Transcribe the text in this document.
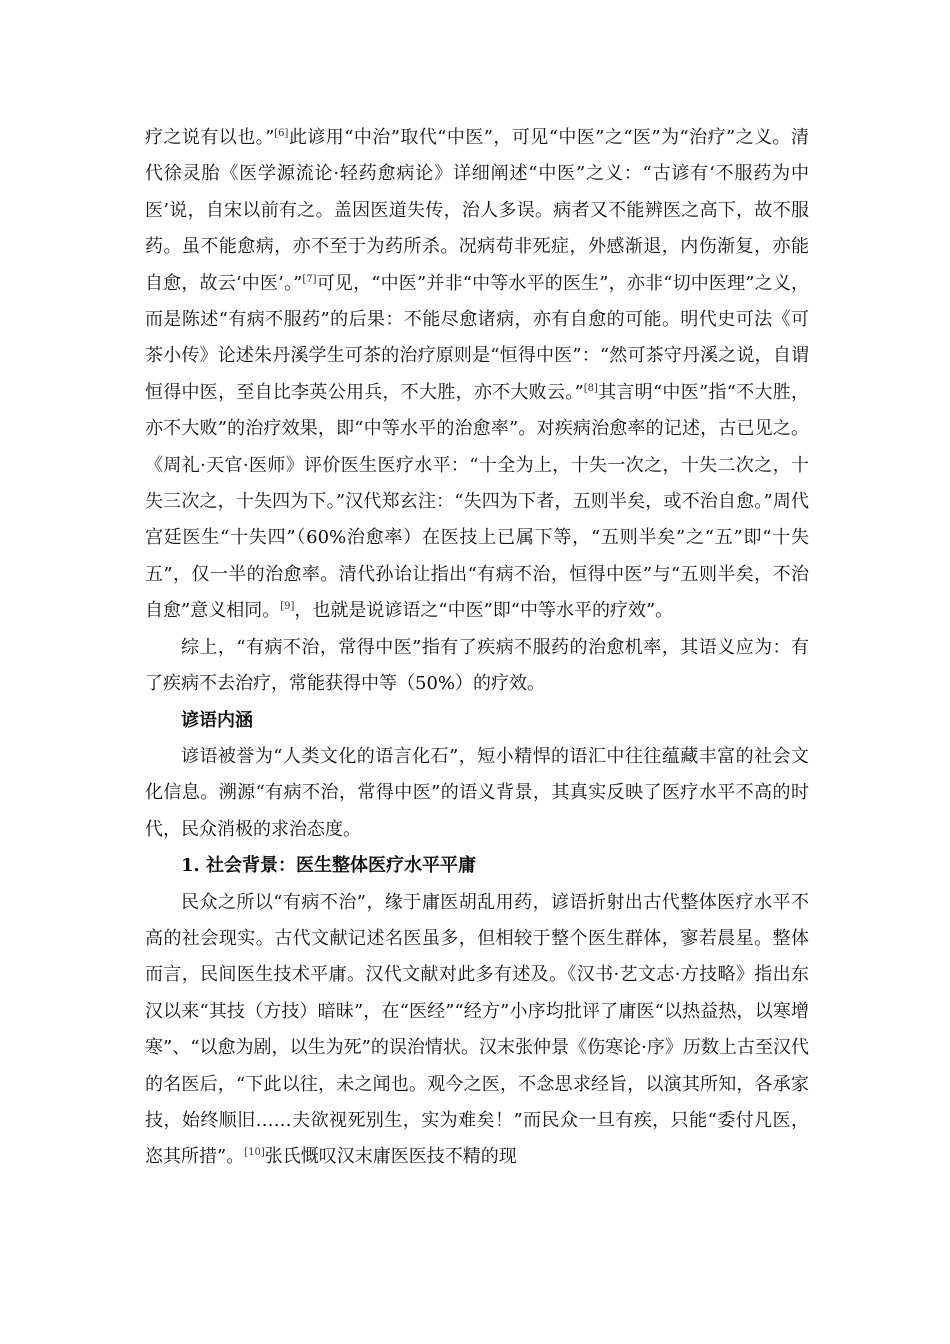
疗之说有以也。”[6]此谚用“中治”取代“中医”，可见“中医”之“医”为“治疗”之义。清代徐灵胎《医学源流论·轻药愈病论》详细阐述“中医”之义：“古谚有‘不服药为中医’说，自宋以前有之。盖因医道失传，治人多误。病者又不能辨医之高下，故不服药。虽不能愈病，亦不至于为药所杀。况病苟非死症，外感渐退，内伤渐复，亦能自愈，故云‘中医’。”[7]可见，“中医”并非“中等水平的医生”，亦非“切中医理”之义，而是陈述“有病不服药”的后果：不能尽愈诸病，亦有自愈的可能。明代史可法《可茶小传》论述朱丹溪学生可茶的治疗原则是“恒得中医”：“然可茶守丹溪之说，自谓恒得中医，至自比李英公用兵，不大胜，亦不大败云。”[8]其言明“中医”指“不大胜，亦不大败”的治疗效果，即“中等水平的治愈率”。对疾病治愈率的记述，古已见之。《周礼·天官·医师》评价医生医疗水平：“十全为上，十失一次之，十失二次之，十失三次之，十失四为下。”汉代郑玄注：“失四为下者，五则半矣，或不治自愈。”周代宫廷医生“十失四”（60%治愈率）在医技上已属下等，“五则半矣”之“五”即“十失五”，仅一半的治愈率。清代孙诒让指出“有病不治，恒得中医”与“五则半矣，不治自愈”意义相同。[9]，也就是说谚语之“中医”即“中等水平的疗效”。

综上，“有病不治，常得中医”指有了疾病不服药的治愈机率，其语义应为：有了疾病不去治疗，常能获得中等（50%）的疗效。

谚语内涵

谚语被誉为“人类文化的语言化石”，短小精悍的语汇中往往蕴藏丰富的社会文化信息。溯源“有病不治，常得中医”的语义背景，其真实反映了医疗水平不高的时代，民众消极的求治态度。

1. 社会背景：医生整体医疗水平平庸

民众之所以“有病不治”，缘于庸医胡乱用药，谚语折射出古代整体医疗水平不高的社会现实。古代文献记述名医虽多，但相较于整个医生群体，寥若晨星。整体而言，民间医生技术平庸。汉代文献对此多有述及。《汉书·艺文志·方技略》指出东汉以来“其技（方技）暗昧”，在“医经”“经方”小序均批评了庸医“以热益热，以寒增寒”、“以愈为剧，以生为死”的误治情状。汉末张仲景《伤寒论·序》历数上古至汉代的名医后，“下此以往，未之闻也。观今之医，不念思求经旨，以演其所知，各承家技，始终顺旧……夫欲视死别生，实为难矣！”而民众一旦有疾，只能“委付凡医，恣其所措”。[10]张氏慨叹汉末庸医医技不精的现
